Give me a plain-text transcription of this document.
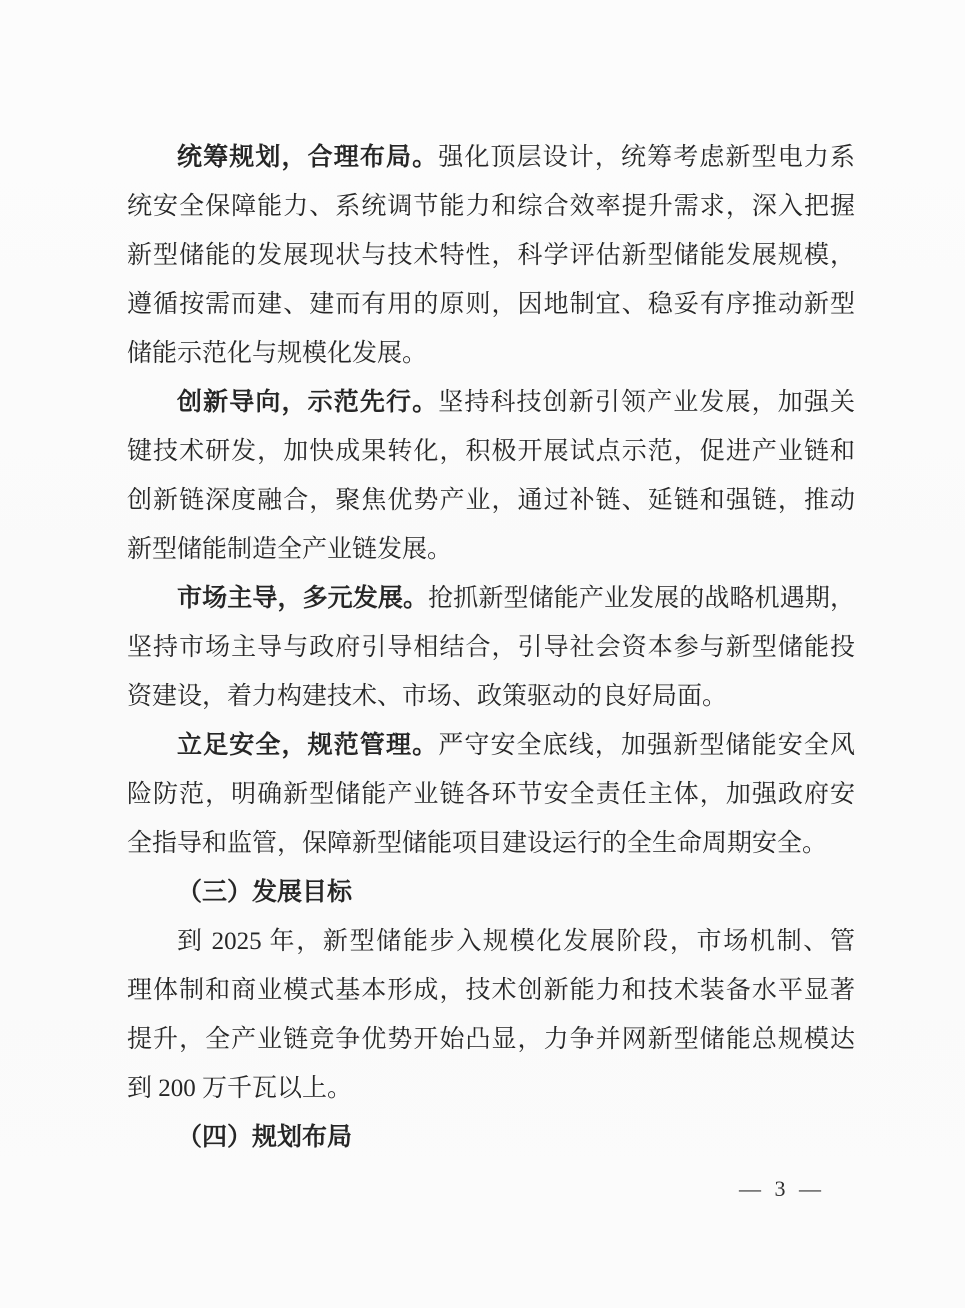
统筹规划，合理布局。强化顶层设计，统筹考虑新型电力系
统安全保障能力、系统调节能力和综合效率提升需求，深入把握
新型储能的发展现状与技术特性，科学评估新型储能发展规模，
遵循按需而建、建而有用的原则，因地制宜、稳妥有序推动新型
储能示范化与规模化发展。
创新导向，示范先行。坚持科技创新引领产业发展，加强关
键技术研发，加快成果转化，积极开展试点示范，促进产业链和
创新链深度融合，聚焦优势产业，通过补链、延链和强链，推动
新型储能制造全产业链发展。
市场主导，多元发展。抢抓新型储能产业发展的战略机遇期，
坚持市场主导与政府引导相结合，引导社会资本参与新型储能投
资建设，着力构建技术、市场、政策驱动的良好局面。
立足安全，规范管理。严守安全底线，加强新型储能安全风
险防范，明确新型储能产业链各环节安全责任主体，加强政府安
全指导和监管，保障新型储能项目建设运行的全生命周期安全。
（三）发展目标
到 2025 年，新型储能步入规模化发展阶段，市场机制、管
理体制和商业模式基本形成，技术创新能力和技术装备水平显著
提升，全产业链竞争优势开始凸显，力争并网新型储能总规模达
到 200 万千瓦以上。
（四）规划布局
— 3 —
